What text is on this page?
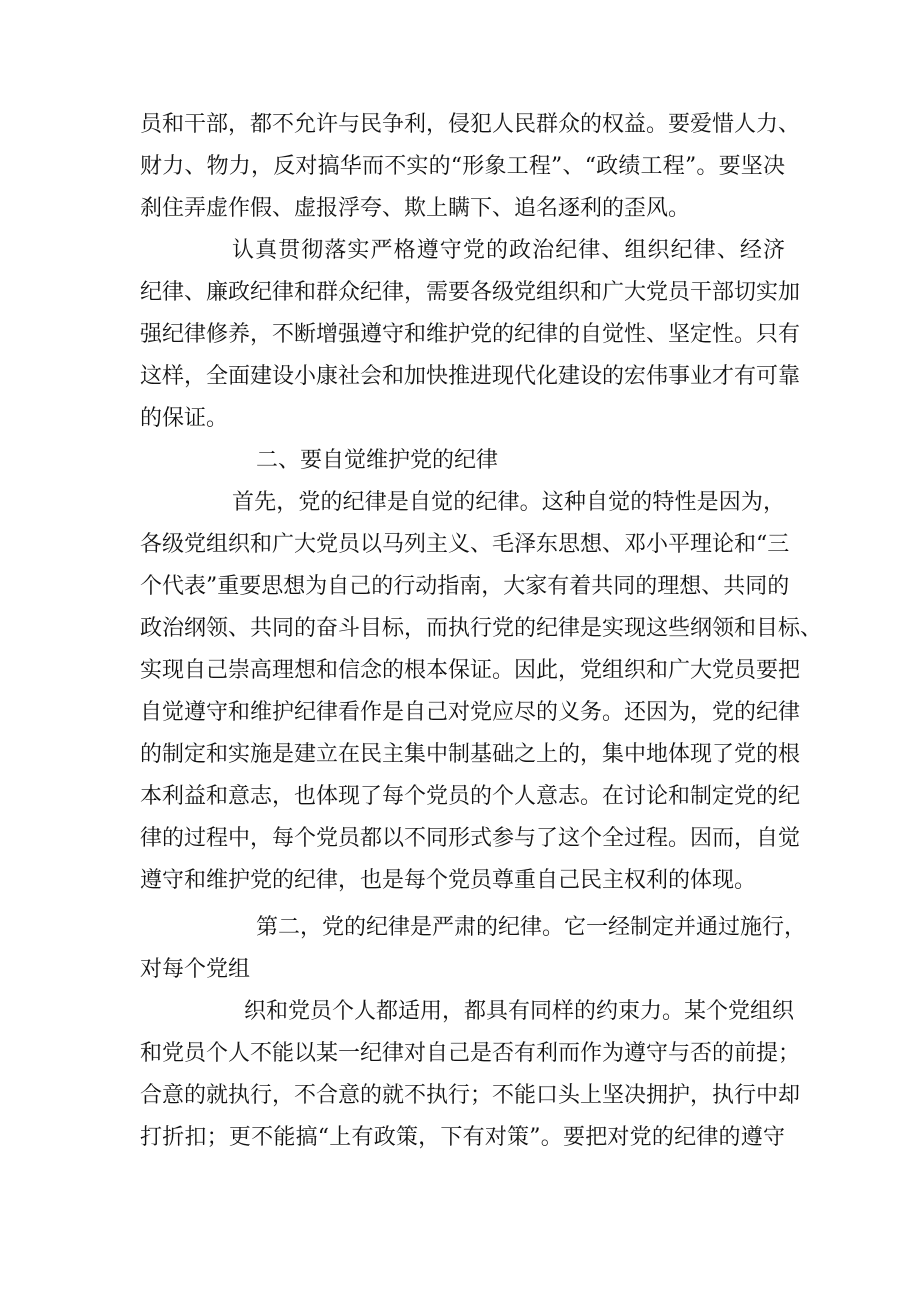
员和干部，都不允许与民争利，侵犯人民群众的权益。要爱惜人力、
财力、物力，反对搞华而不实的“形象工程”、“政绩工程”。要坚决
刹住弄虚作假、虚报浮夸、欺上瞒下、追名逐利的歪风。
认真贯彻落实严格遵守党的政治纪律、组织纪律、经济
纪律、廉政纪律和群众纪律，需要各级党组织和广大党员干部切实加
强纪律修养，不断增强遵守和维护党的纪律的自觉性、坚定性。只有
这样，全面建设小康社会和加快推进现代化建设的宏伟事业才有可靠
的保证。
二、要自觉维护党的纪律
首先，党的纪律是自觉的纪律。这种自觉的特性是因为，
各级党组织和广大党员以马列主义、毛泽东思想、邓小平理论和“三
个代表”重要思想为自己的行动指南，大家有着共同的理想、共同的
政治纲领、共同的奋斗目标，而执行党的纪律是实现这些纲领和目标、
实现自己崇高理想和信念的根本保证。因此，党组织和广大党员要把
自觉遵守和维护纪律看作是自己对党应尽的义务。还因为，党的纪律
的制定和实施是建立在民主集中制基础之上的，集中地体现了党的根
本利益和意志，也体现了每个党员的个人意志。在讨论和制定党的纪
律的过程中，每个党员都以不同形式参与了这个全过程。因而，自觉
遵守和维护党的纪律，也是每个党员尊重自己民主权利的体现。
第二，党的纪律是严肃的纪律。它一经制定并通过施行，
对每个党组
织和党员个人都适用，都具有同样的约束力。某个党组织
和党员个人不能以某一纪律对自己是否有利而作为遵守与否的前提；
合意的就执行，不合意的就不执行；不能口头上坚决拥护，执行中却
打折扣；更不能搞“上有政策，下有对策”。要把对党的纪律的遵守
